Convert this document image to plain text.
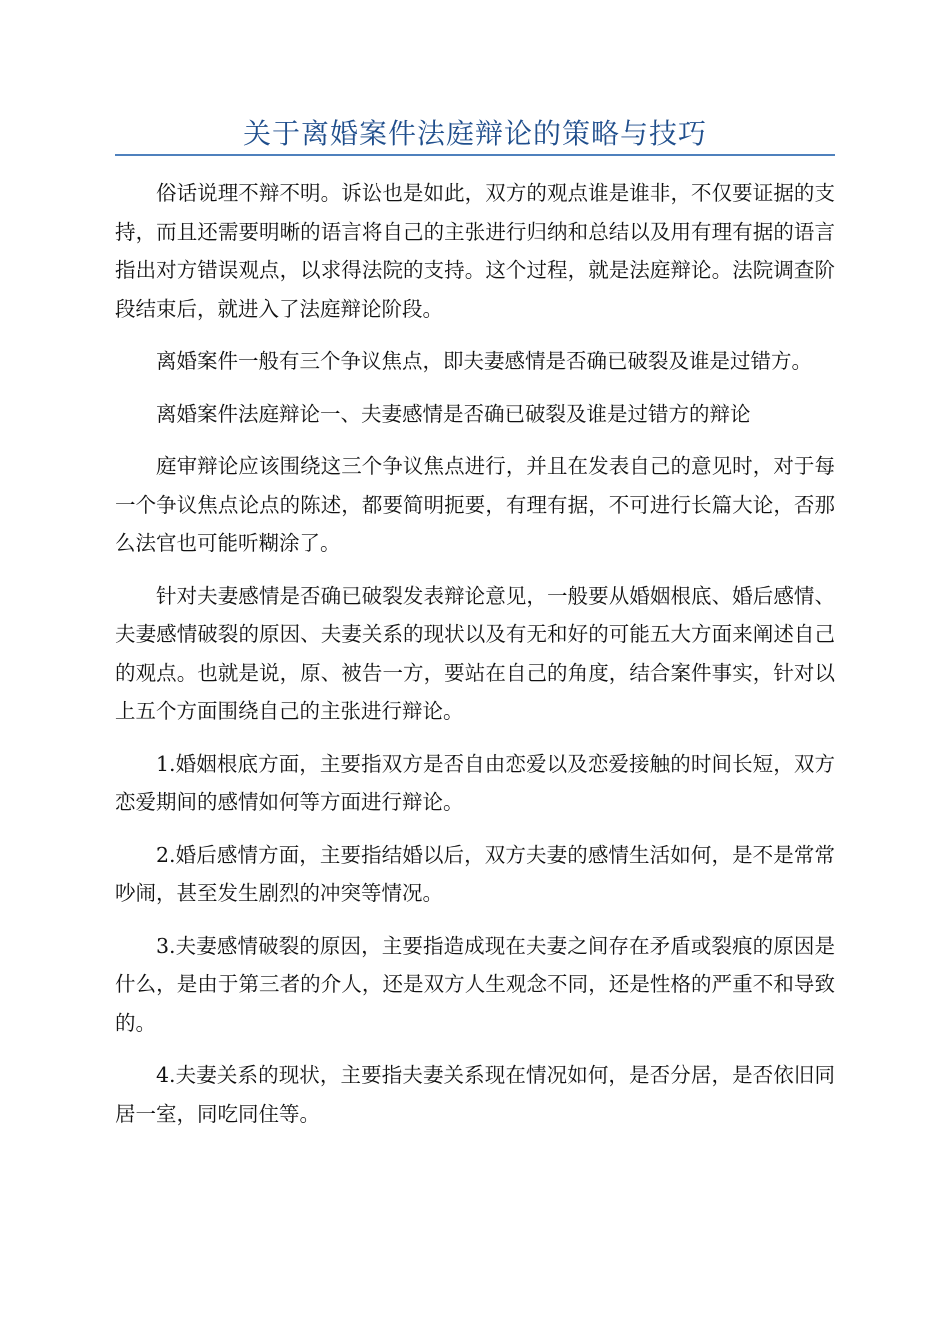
关于离婚案件法庭辩论的策略与技巧

俗话说理不辩不明。诉讼也是如此，双方的观点谁是谁非，不仅要证据的支持，而且还需要明晰的语言将自己的主张进行归纳和总结以及用有理有据的语言指出对方错误观点，以求得法院的支持。这个过程，就是法庭辩论。法院调查阶段结束后，就进入了法庭辩论阶段。

离婚案件一般有三个争议焦点，即夫妻感情是否确已破裂及谁是过错方。

离婚案件法庭辩论一、夫妻感情是否确已破裂及谁是过错方的辩论

庭审辩论应该围绕这三个争议焦点进行，并且在发表自己的意见时，对于每一个争议焦点论点的陈述，都要简明扼要，有理有据，不可进行长篇大论，否那么法官也可能听糊涂了。

针对夫妻感情是否确已破裂发表辩论意见，一般要从婚姻根底、婚后感情、夫妻感情破裂的原因、夫妻关系的现状以及有无和好的可能五大方面来阐述自己的观点。也就是说，原、被告一方，要站在自己的角度，结合案件事实，针对以上五个方面围绕自己的主张进行辩论。

1.婚姻根底方面，主要指双方是否自由恋爱以及恋爱接触的时间长短，双方恋爱期间的感情如何等方面进行辩论。

2.婚后感情方面，主要指结婚以后，双方夫妻的感情生活如何，是不是常常吵闹，甚至发生剧烈的冲突等情况。

3.夫妻感情破裂的原因，主要指造成现在夫妻之间存在矛盾或裂痕的原因是什么，是由于第三者的介人，还是双方人生观念不同，还是性格的严重不和导致的。

4.夫妻关系的现状，主要指夫妻关系现在情况如何，是否分居，是否依旧同居一室，同吃同住等。
